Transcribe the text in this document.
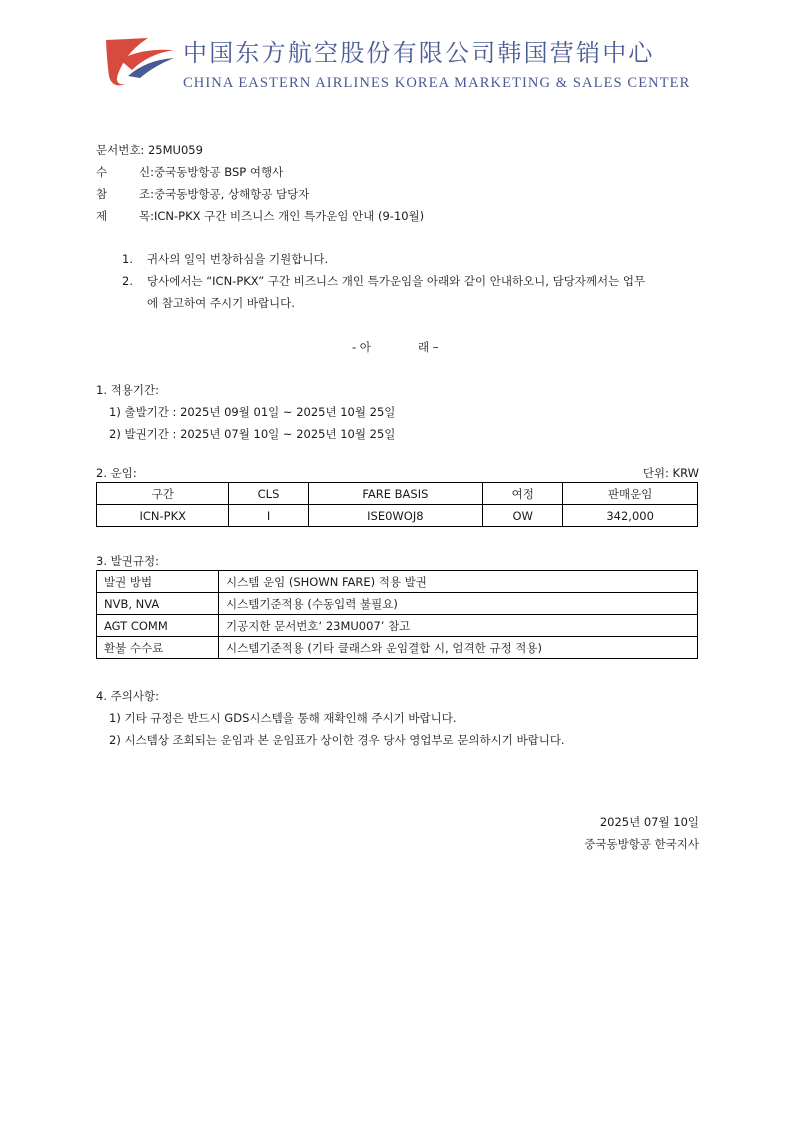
中国东方航空股份有限公司韩国营销中心
CHINA EASTERN AIRLINES KOREA MARKETING & SALES CENTER
문서번호: 25MU059
수	신: 중국동방항공 BSP 여행사
참	조: 중국동방항공, 상해항공 담당자
제	목: ICN-PKX 구간 비즈니스 개인 특가운임 안내 (9-10월)
1. 귀사의 일익 번창하심을 기원합니다.
2. 당사에서는 “ICN-PKX” 구간 비즈니스 개인 특가운임을 아래와 같이 안내하오니, 담당자께서는 업무
에 참고하여 주시기 바랍니다.
- 아	래 –
1. 적용기간:
1) 출발기간 : 2025년 09월 01일 ~ 2025년 10월 25일
2) 발권기간 : 2025년 07월 10일 ~ 2025년 10월 25일
2. 운임:	단위: KRW
구간	CLS	FARE BASIS	여정	판매운임
ICN-PKX	I	ISE0WOJ8	OW	342,000
3. 발권규정:
발권 방법	시스템 운임 (SHOWN FARE) 적용 발권
NVB, NVA	시스템기준적용 (수동입력 불필요)
AGT COMM	기공지한 문서번호‘ 23MU007’ 참고
환불 수수료	시스템기준적용 (기타 클래스와 운임결합 시, 엄격한 규정 적용)
4. 주의사항:
1) 기타 규정은 반드시 GDS시스템을 통해 재확인해 주시기 바랍니다.
2) 시스템상 조회되는 운임과 본 운임표가 상이한 경우 당사 영업부로 문의하시기 바랍니다.
2025년 07월 10일
중국동방항공 한국지사
